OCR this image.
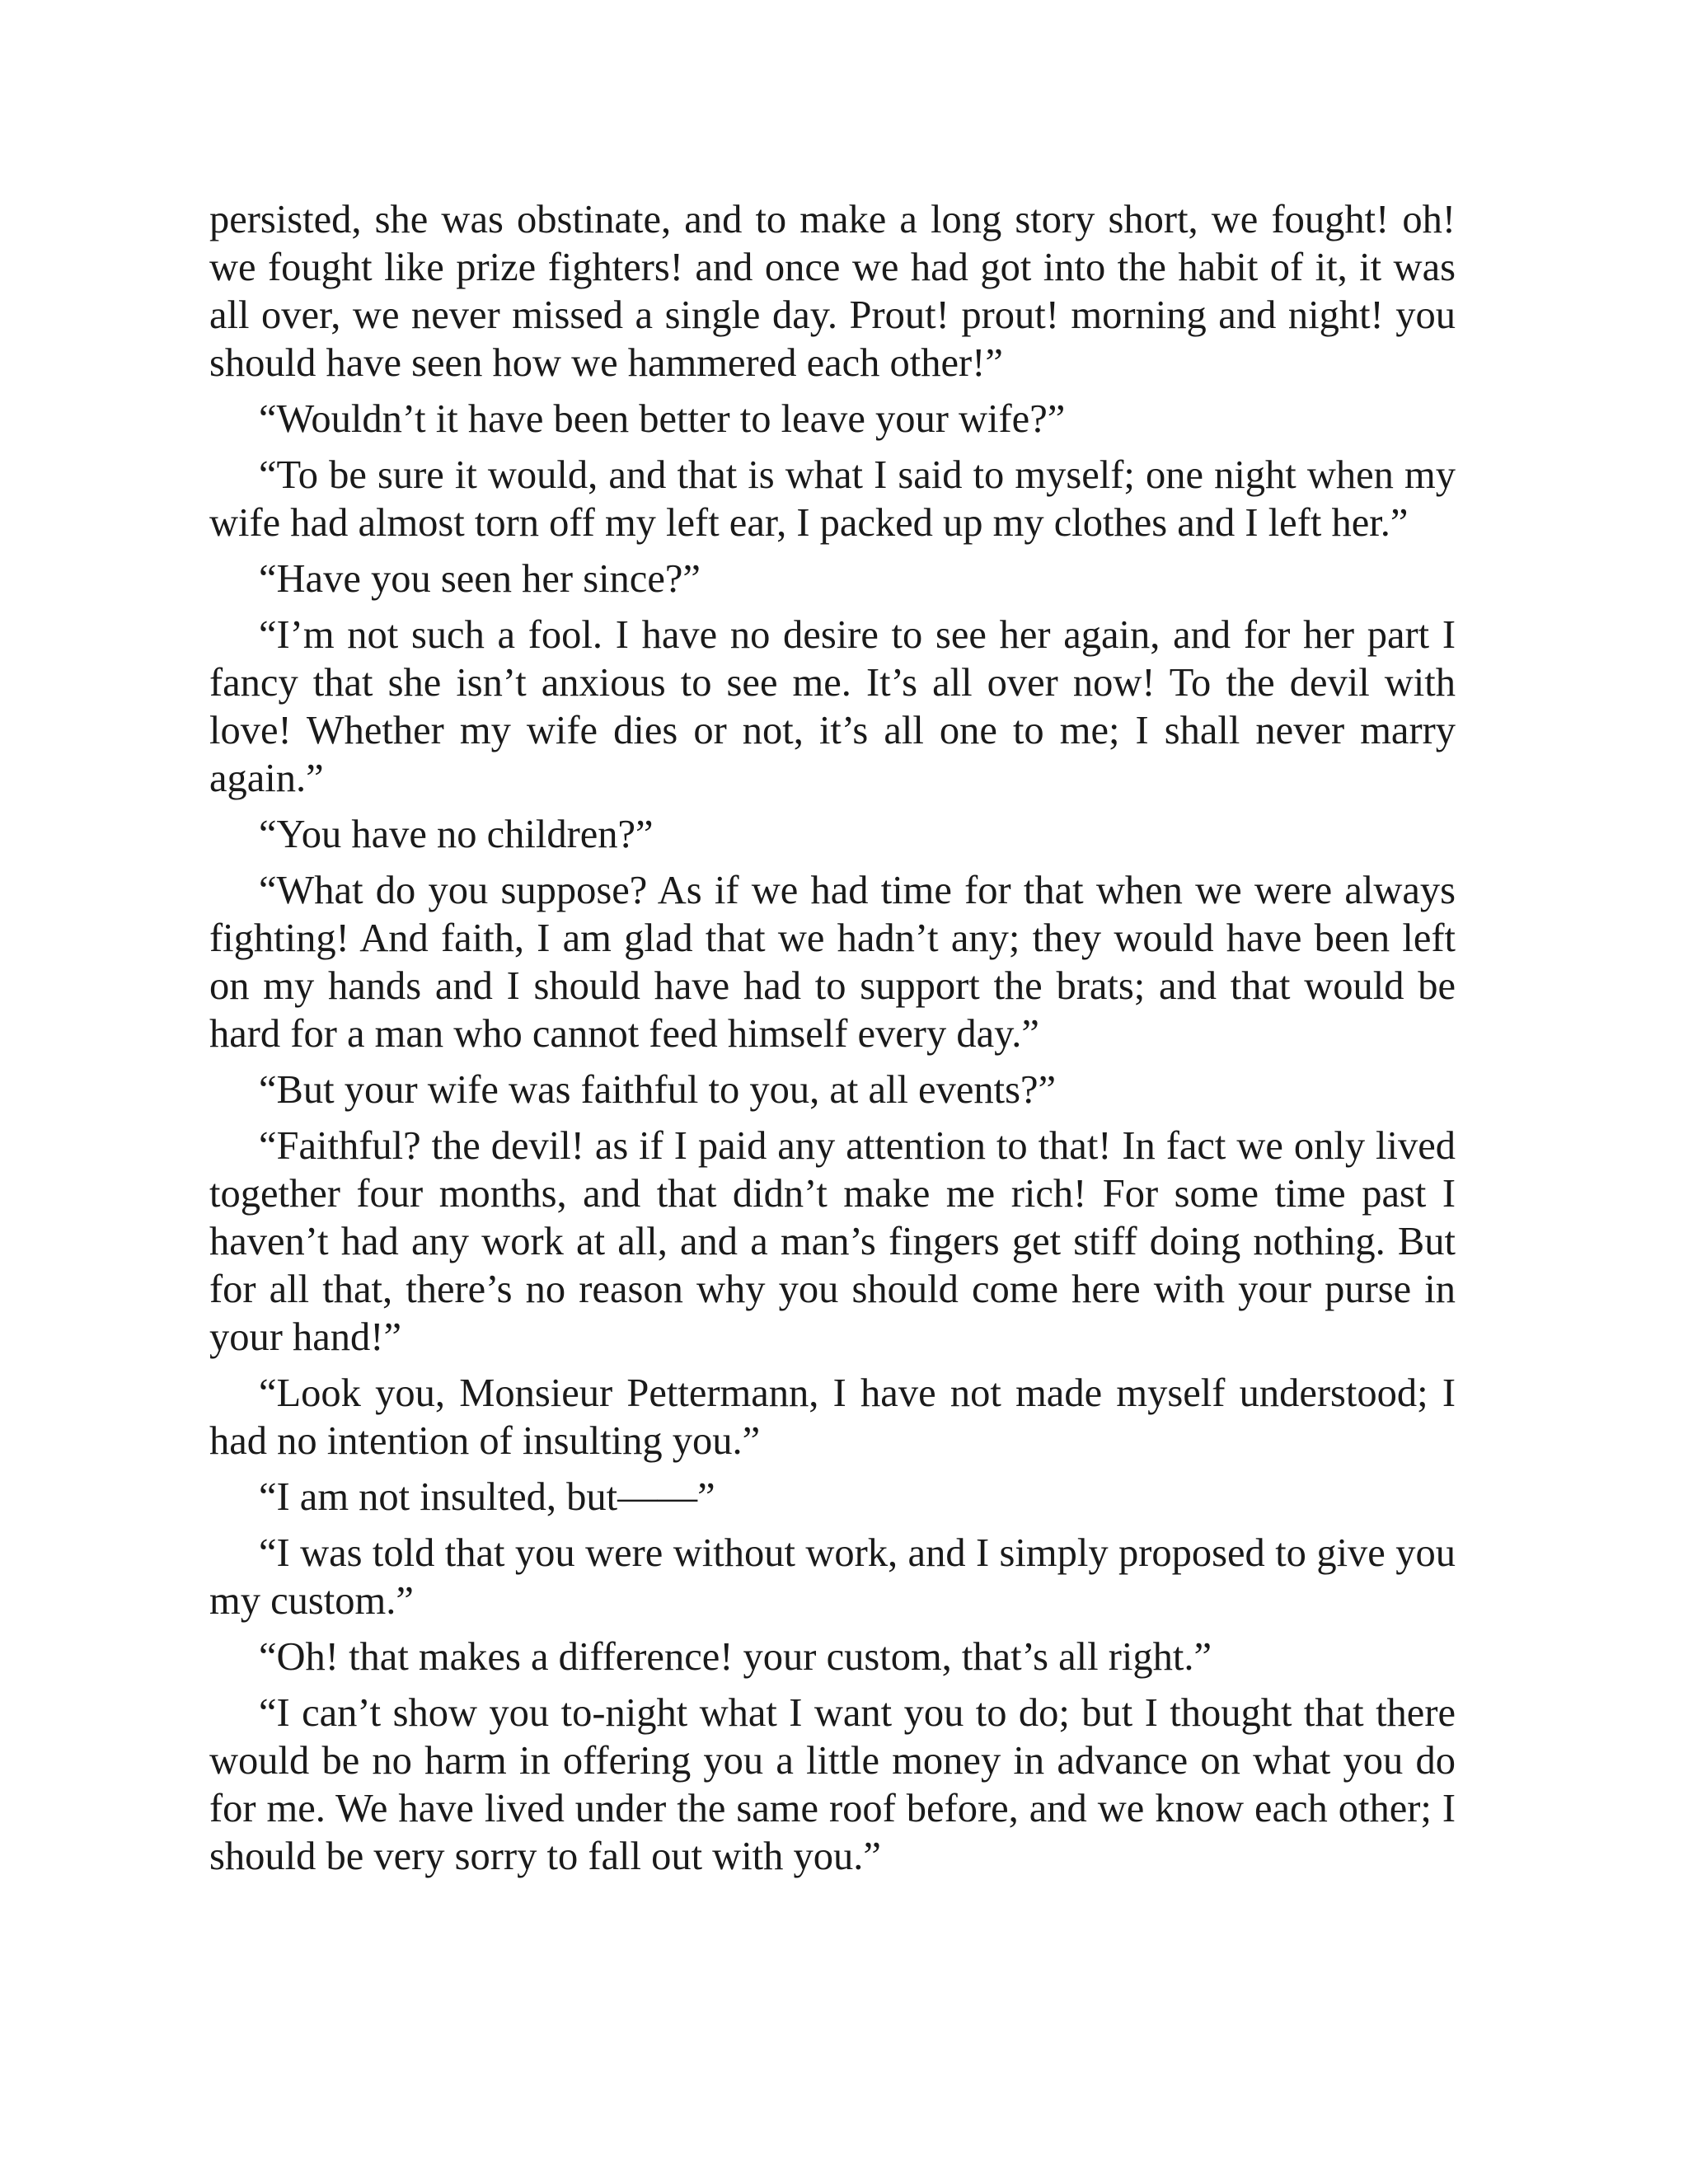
persisted, she was obstinate, and to make a long story short, we fought! oh! we fought like prize fighters! and once we had got into the habit of it, it was all over, we never missed a single day. Prout! prout! morning and night! you should have seen how we hammered each other!”

“Wouldn’t it have been better to leave your wife?”

“To be sure it would, and that is what I said to myself; one night when my wife had almost torn off my left ear, I packed up my clothes and I left her.”

“Have you seen her since?”

“I’m not such a fool. I have no desire to see her again, and for her part I fancy that she isn’t anxious to see me. It’s all over now! To the devil with love! Whether my wife dies or not, it’s all one to me; I shall never marry again.”

“You have no children?”

“What do you suppose? As if we had time for that when we were always fighting! And faith, I am glad that we hadn’t any; they would have been left on my hands and I should have had to support the brats; and that would be hard for a man who cannot feed himself every day.”

“But your wife was faithful to you, at all events?”

“Faithful? the devil! as if I paid any attention to that! In fact we only lived together four months, and that didn’t make me rich! For some time past I haven’t had any work at all, and a man’s fingers get stiff doing nothing. But for all that, there’s no reason why you should come here with your purse in your hand!”

“Look you, Monsieur Pettermann, I have not made myself understood; I had no intention of insulting you.”

“I am not insulted, but——”

“I was told that you were without work, and I simply proposed to give you my custom.”

“Oh! that makes a difference! your custom, that’s all right.”

“I can’t show you to-night what I want you to do; but I thought that there would be no harm in offering you a little money in advance on what you do for me. We have lived under the same roof before, and we know each other; I should be very sorry to fall out with you.”
